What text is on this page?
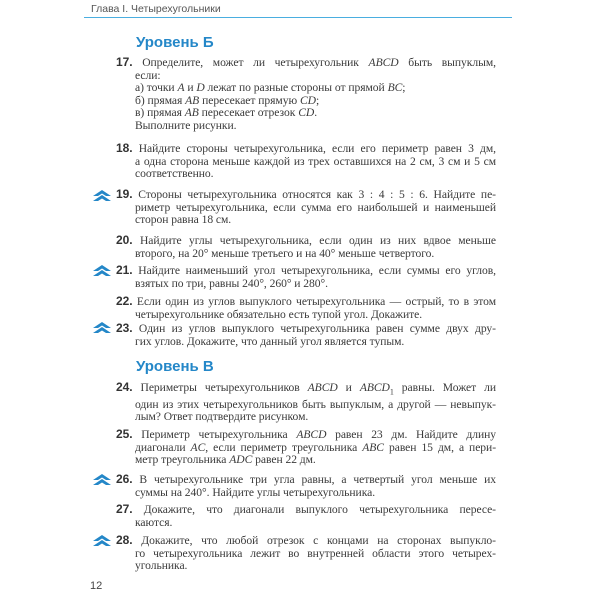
Глава I. Четырехугольники
Уровень Б
17. Определите, может ли четырехугольник ABCD быть выпуклым,
если:
а) точки A и D лежат по разные стороны от прямой BC;
б) прямая AB пересекает прямую CD;
в) прямая AB пересекает отрезок CD.
Выполните рисунки.
18. Найдите стороны четырехугольника, если его периметр равен 3 дм,
а одна сторона меньше каждой из трех оставшихся на 2 см, 3 см и 5 см
соответственно.
19. Стороны четырехугольника относятся как 3 : 4 : 5 : 6. Найдите пе-
риметр четырехугольника, если сумма его наибольшей и наименьшей
сторон равна 18 см.
20. Найдите углы четырехугольника, если один из них вдвое меньше
второго, на 20° меньше третьего и на 40° меньше четвертого.
21. Найдите наименьший угол четырехугольника, если суммы его углов,
взятых по три, равны 240°, 260° и 280°.
22. Если один из углов выпуклого четырехугольника — острый, то в этом
четырехугольнике обязательно есть тупой угол. Докажите.
23. Один из углов выпуклого четырехугольника равен сумме двух дру-
гих углов. Докажите, что данный угол является тупым.
Уровень В
24. Периметры четырехугольников ABCD и $ABCD_1$ равны. Может ли
один из этих четырехугольников быть выпуклым, а другой — невыпук-
лым? Ответ подтвердите рисунком.
25. Периметр четырехугольника ABCD равен 23 дм. Найдите длину
диагонали AC, если периметр треугольника ABC равен 15 дм, а пери-
метр треугольника ADC равен 22 дм.
26. В четырехугольнике три угла равны, а четвертый угол меньше их
суммы на 240°. Найдите углы четырехугольника.
27. Докажите, что диагонали выпуклого четырехугольника пересе-
каются.
28. Докажите, что любой отрезок с концами на сторонах выпукло-
го четырехугольника лежит во внутренней области этого четырех-
угольника.
12
